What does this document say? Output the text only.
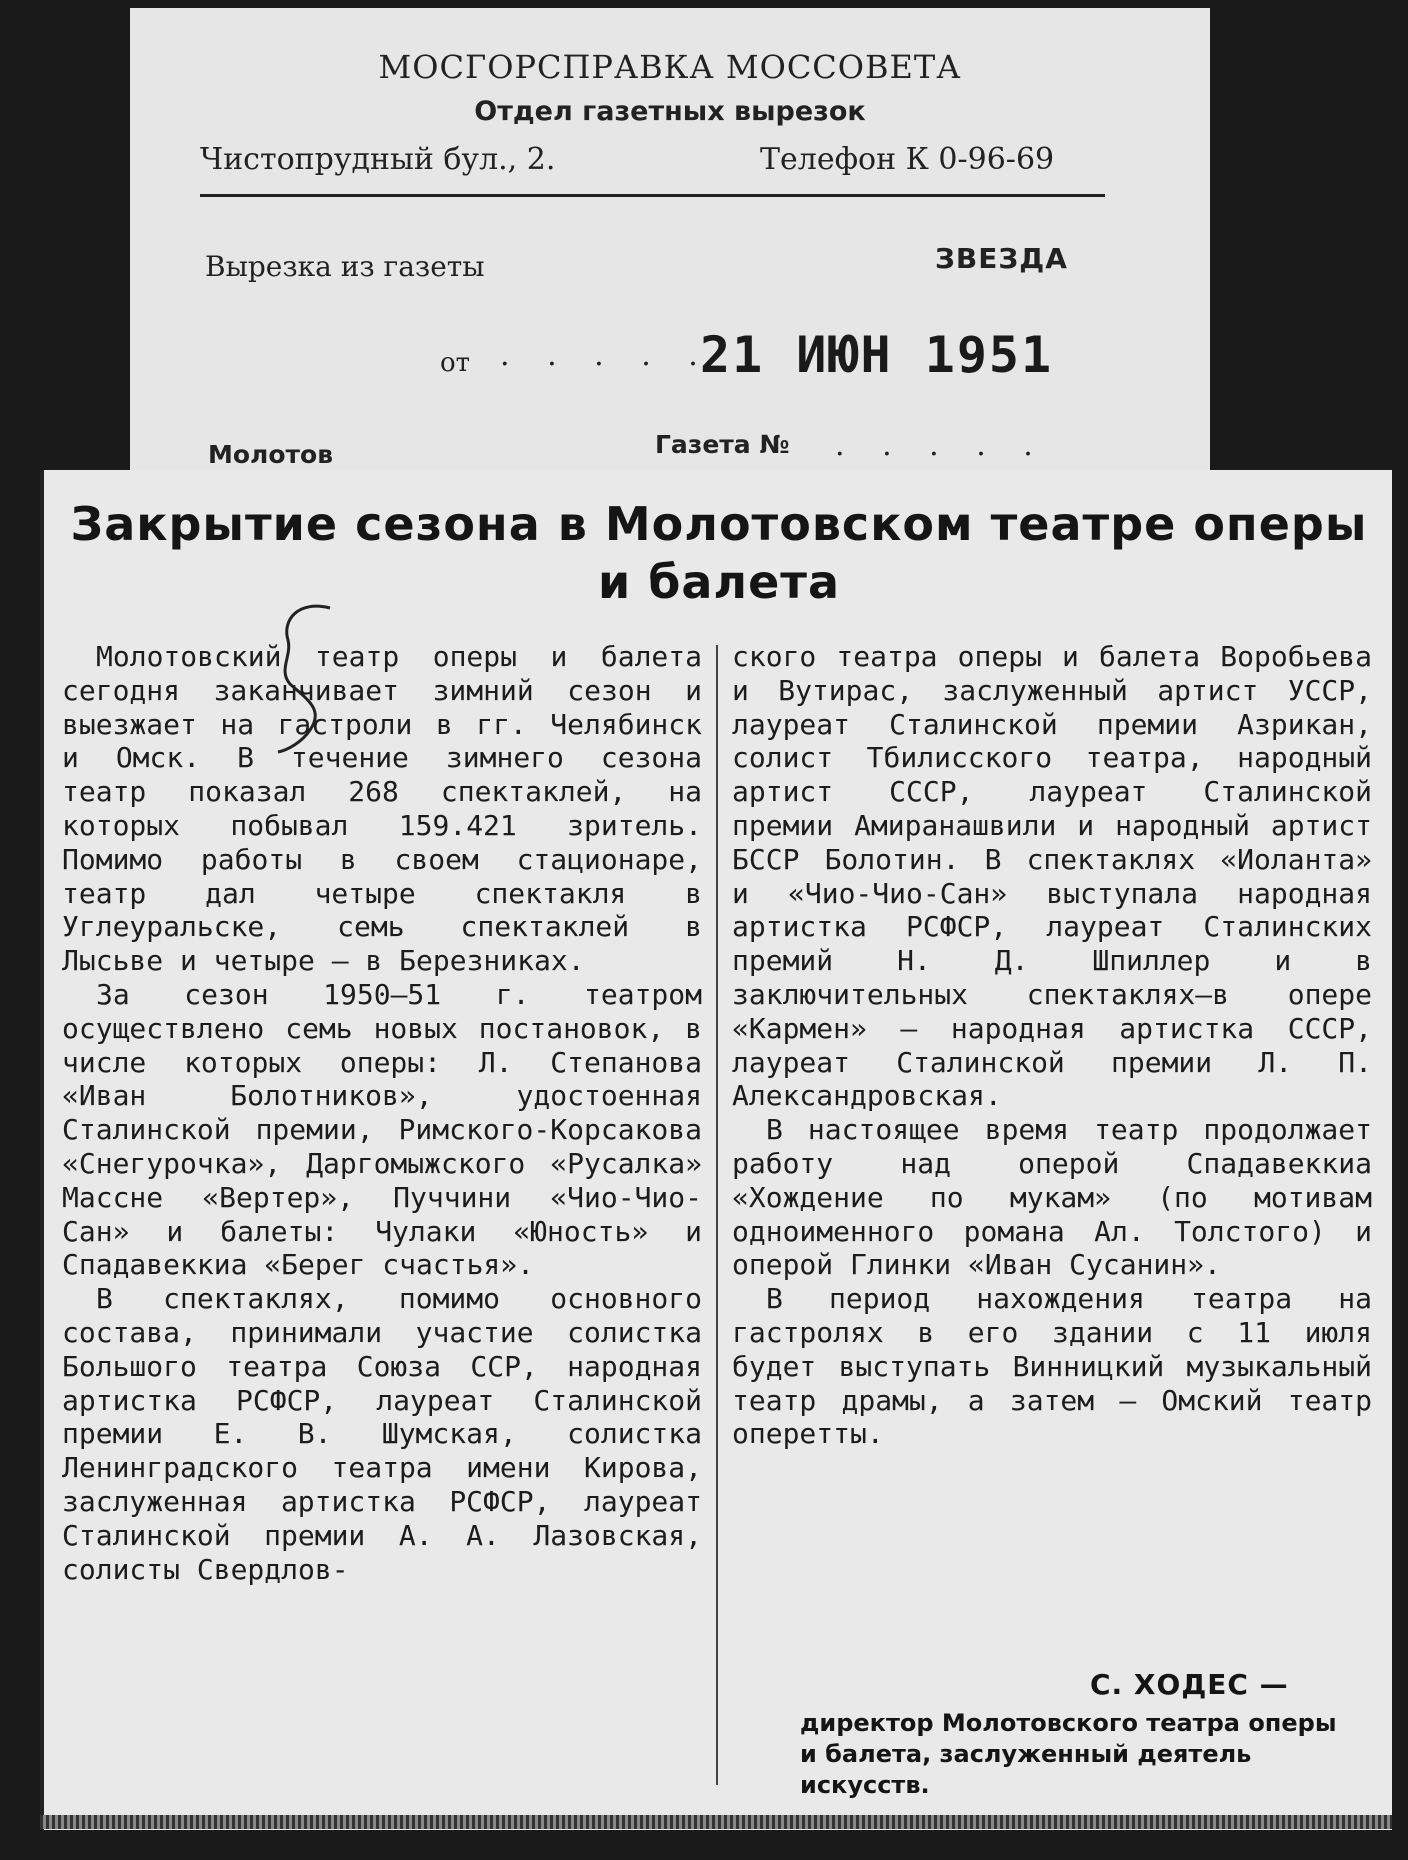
МОСГОРСПРАВКА МОССОВЕТА
Отдел газетных вырезок
Чистопрудный бул., 2.	Телефон К 0-96-69
Вырезка из газеты	ЗВЕЗДА
от . . . . .
21 ИЮН 1951
Молотов	Газета № . . . . .
Закрытие сезона в Молотовском театре оперы и балета

Молотовский театр оперы и балета сегодня заканчивает зимний сезон и выезжает на гастроли в гг. Челябинск и Омск. В течение зимнего сезона театр показал 268 спектаклей, на которых побывал 159.421 зритель. Помимо работы в своем стационаре, театр дал четыре спектакля в Углеуральске, семь спектаклей в Лысьве и четыре — в Березниках.

За сезон 1950—51 г. театром осуществлено семь новых постановок, в числе которых оперы: Л. Степанова «Иван Болотников», удостоенная Сталинской премии, Римского-Корсакова «Снегурочка», Даргомыжского «Русалка» Массне «Вертер», Пуччини «Чио-Чио-Сан» и балеты: Чулаки «Юность» и Спадавеккиа «Берег счастья».

В спектаклях, помимо основного состава, принимали участие солистка Большого театра Союза ССР, народная артистка РСФСР, лауреат Сталинской премии Е. В. Шумская, солистка Ленинградского театра имени Кирова, заслуженная артистка РСФСР, лауреат Сталинской премии А. А. Лазовская, солисты Свердлов-

ского театра оперы и балета Воробьева и Вутирас, заслуженный артист УССР, лауреат Сталинской премии Азрикан, солист Тбилисского театра, народный артист СССР, лауреат Сталинской премии Амиранашвили и народный артист БССР Болотин. В спектаклях «Иоланта» и «Чио-Чио-Сан» выступала народная артистка РСФСР, лауреат Сталинских премий Н. Д. Шпиллер и в заключительных спектаклях—в опере «Кармен» — народная артистка СССР, лауреат Сталинской премии Л. П. Александровская.

В настоящее время театр продолжает работу над оперой Спадавеккиа «Хождение по мукам» (по мотивам одноименного романа Ал. Толстого) и оперой Глинки «Иван Сусанин».

В период нахождения театра на гастролях в его здании с 11 июля будет выступать Винницкий музыкальный театр драмы, а затем — Омский театр оперетты.

С. ХОДЕС —
директор Молотовского театра оперы и балета, заслуженный деятель искусств.
